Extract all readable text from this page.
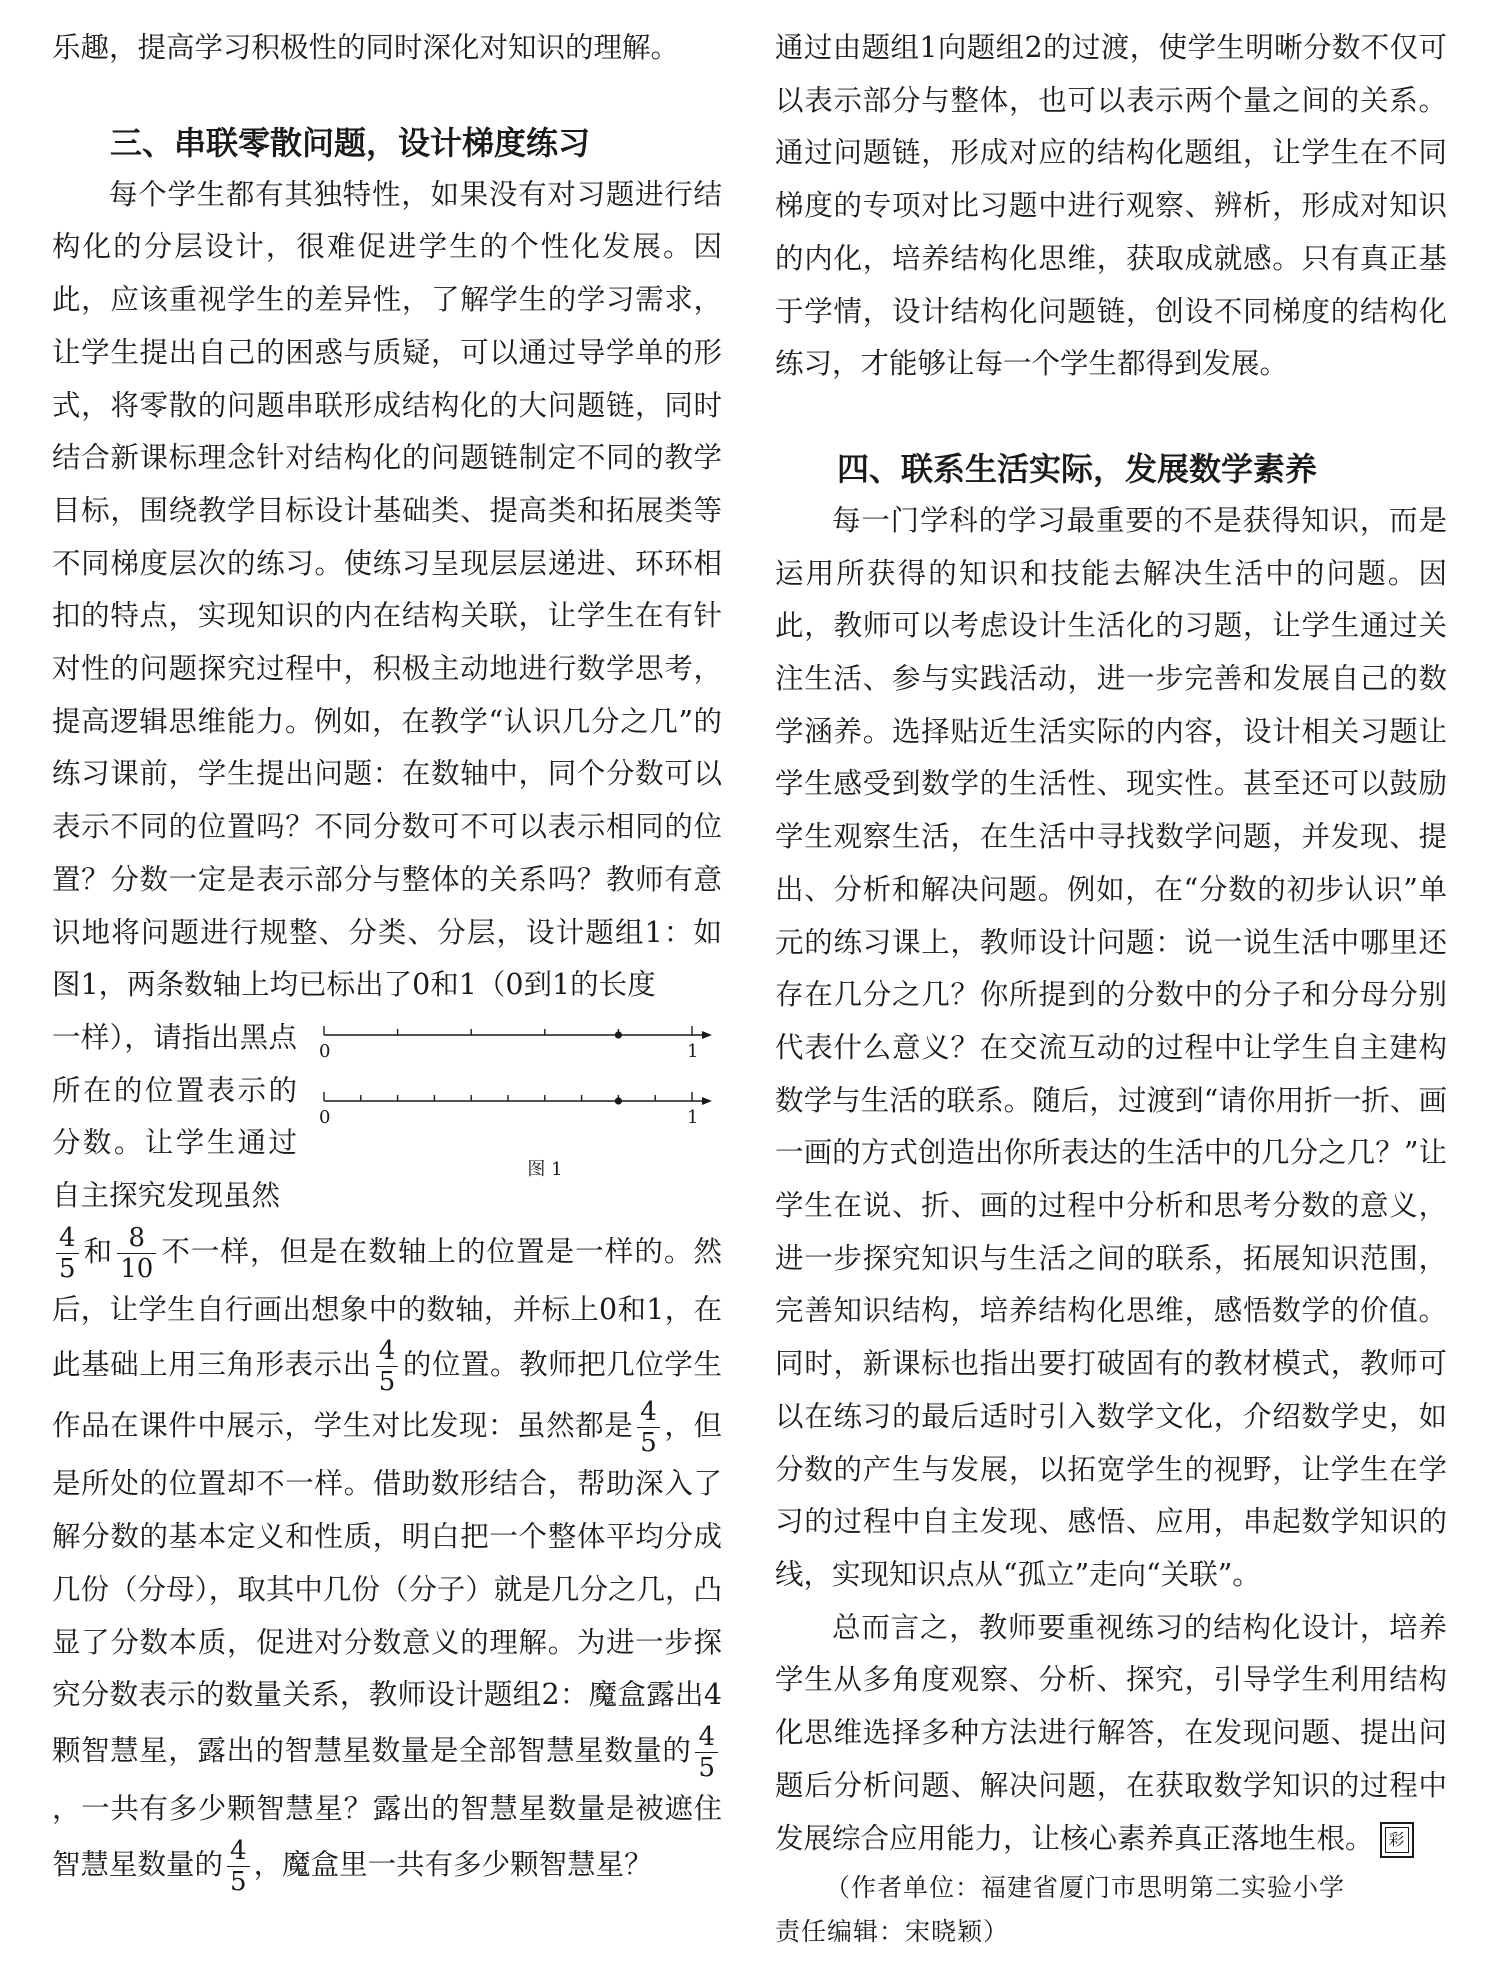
乐趣，提高学习积极性的同时深化对知识的理解。

三、串联零散问题，设计梯度练习

每个学生都有其独特性，如果没有对习题进行结构化的分层设计，很难促进学生的个性化发展。因此，应该重视学生的差异性，了解学生的学习需求，让学生提出自己的困惑与质疑，可以通过导学单的形式，将零散的问题串联形成结构化的大问题链，同时结合新课标理念针对结构化的问题链制定不同的教学目标，围绕教学目标设计基础类、提高类和拓展类等不同梯度层次的练习。使练习呈现层层递进、环环相扣的特点，实现知识的内在结构关联，让学生在有针对性的问题探究过程中，积极主动地进行数学思考，提高逻辑思维能力。例如，在教学“认识几分之几”的练习课前，学生提出问题：在数轴中，同个分数可以表示不同的位置吗？不同分数可不可以表示相同的位置？分数一定是表示部分与整体的关系吗？教师有意识地将问题进行规整、分类、分层，设计题组1：如图1，两条数轴上均已标出了0和1（0到1的长度

一样），请指出黑点所在的位置表示的分数。让学生通过自主探究发现虽然

0	1
0	1
图 1

$\frac{4}{5}$ 和 $\frac{8}{10}$ 不一样，但是在数轴上的位置是一样的。然后，让学生自行画出想象中的数轴，并标上0和1，在此基础上用三角形表示出 $\frac{4}{5}$ 的位置。教师把几位学生作品在课件中展示，学生对比发现：虽然都是 $\frac{4}{5}$ ，但是所处的位置却不一样。借助数形结合，帮助深入了解分数的基本定义和性质，明白把一个整体平均分成几份（分母），取其中几份（分子）就是几分之几，凸显了分数本质，促进对分数意义的理解。为进一步探究分数表示的数量关系，教师设计题组2：魔盒露出4颗智慧星，露出的智慧星数量是全部智慧星数量的 $\frac{4}{5}$
，一共有多少颗智慧星？露出的智慧星数量是被遮住智慧星数量的 $\frac{4}{5}$ ，魔盒里一共有多少颗智慧星？

通过由题组1向题组2的过渡，使学生明晰分数不仅可以表示部分与整体，也可以表示两个量之间的关系。通过问题链，形成对应的结构化题组，让学生在不同梯度的专项对比习题中进行观察、辨析，形成对知识的内化，培养结构化思维，获取成就感。只有真正基于学情，设计结构化问题链，创设不同梯度的结构化练习，才能够让每一个学生都得到发展。

四、联系生活实际，发展数学素养

每一门学科的学习最重要的不是获得知识，而是运用所获得的知识和技能去解决生活中的问题。因此，教师可以考虑设计生活化的习题，让学生通过关注生活、参与实践活动，进一步完善和发展自己的数学涵养。选择贴近生活实际的内容，设计相关习题让学生感受到数学的生活性、现实性。甚至还可以鼓励学生观察生活，在生活中寻找数学问题，并发现、提出、分析和解决问题。例如，在“分数的初步认识”单元的练习课上，教师设计问题：说一说生活中哪里还存在几分之几？你所提到的分数中的分子和分母分别代表什么意义？在交流互动的过程中让学生自主建构数学与生活的联系。随后，过渡到“请你用折一折、画一画的方式创造出你所表达的生活中的几分之几？”让学生在说、折、画的过程中分析和思考分数的意义，进一步探究知识与生活之间的联系，拓展知识范围，完善知识结构，培养结构化思维，感悟数学的价值。同时，新课标也指出要打破固有的教材模式，教师可以在练习的最后适时引入数学文化，介绍数学史，如分数的产生与发展，以拓宽学生的视野，让学生在学习的过程中自主发现、感悟、应用，串起数学知识的线，实现知识点从“孤立”走向“关联”。

总而言之，教师要重视练习的结构化设计，培养学生从多角度观察、分析、探究，引导学生利用结构化思维选择多种方法进行解答，在发现问题、提出问题后分析问题、解决问题，在获取数学知识的过程中发展综合应用能力，让核心素养真正落地生根。 彩

（作者单位：福建省厦门市思明第二实验小学

责任编辑：宋晓颖）
